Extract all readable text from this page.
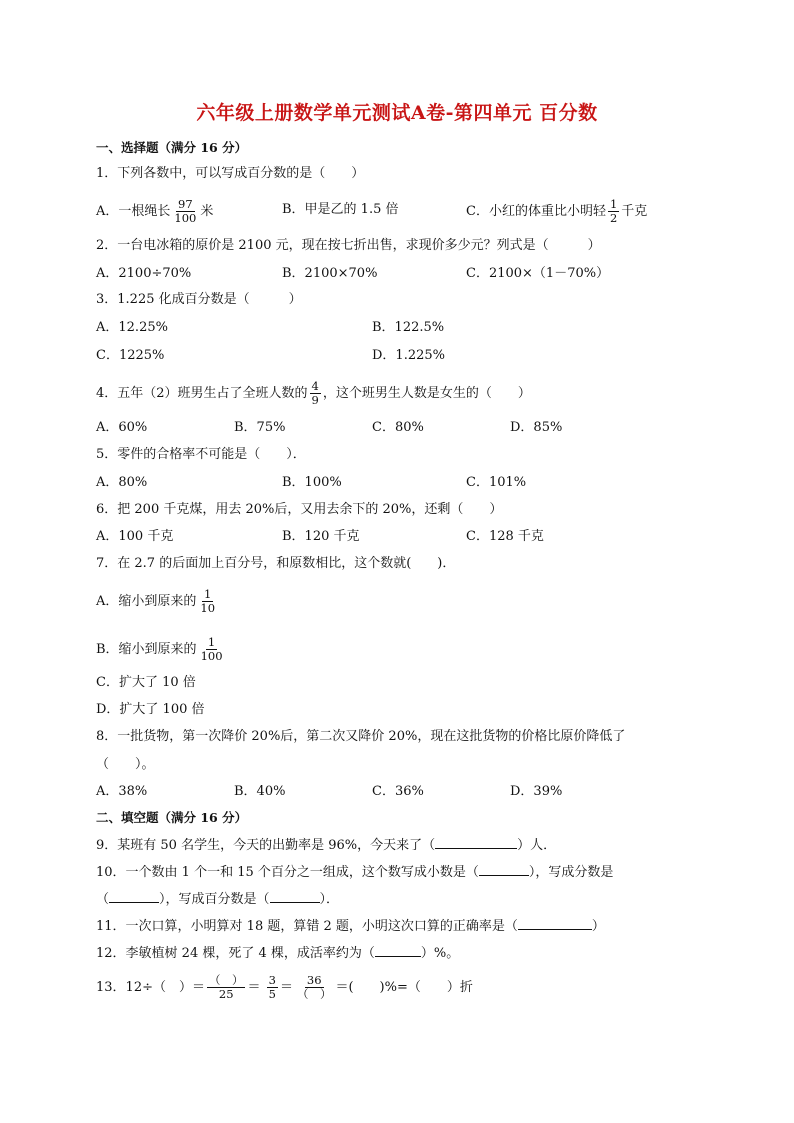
六年级上册数学单元测试A卷-第四单元 百分数
一、选择题（满分 16 分）
1．下列各数中，可以写成百分数的是（　　）
A．一根绳长 $\frac{97}{100}$ 米	B．甲是乙的 1.5 倍	C．小红的体重比小明轻 $\frac{1}{2}$ 千克
2．一台电冰箱的原价是 2100 元，现在按七折出售，求现价多少元？列式是（　　　）
A．2100÷70%	B．2100×70%	C．2100×（1－70%）
3．1.225 化成百分数是（　　　）
A．12.25%	B．122.5%
C．1225%	D．1.225%
4．五年（2）班男生占了全班人数的 $\frac{4}{9}$ ，这个班男生人数是女生的（　　）
A．60%	B．75%	C．80%	D．85%
5．零件的合格率不可能是（　　）．
A．80%	B．100%	C．101%
6．把 200 千克煤，用去 20%后，又用去余下的 20%，还剩（　　）
A．100 千克	B．120 千克	C．128 千克
7．在 2.7 的后面加上百分号，和原数相比，这个数就(　　)．
A．缩小到原来的 $\frac{1}{10}$
B．缩小到原来的 $\frac{1}{100}$
C．扩大了 10 倍
D．扩大了 100 倍
8．一批货物，第一次降价 20%后，第二次又降价 20%，现在这批货物的价格比原价降低了
（　　）。
A．38%	B．40%	C．36%	D．39%
二、填空题（满分 16 分）
9．某班有 50 名学生，今天的出勤率是 96%，今天来了（	）人．
10．一个数由 1 个一和 15 个百分之一组成，这个数写成小数是（	），写成分数是
（	），写成百分数是（	）．
11．一次口算，小明算对 18 题，算错 2 题，小明这次口算的正确率是（	）
12．李敏植树 24 棵，死了 4 棵，成活率约为（	）%。
13．12÷（　）＝ $\frac{( )}{25} = \frac{3}{5} = \frac{36}{( )}$ ＝(　　)%=（　　）折
